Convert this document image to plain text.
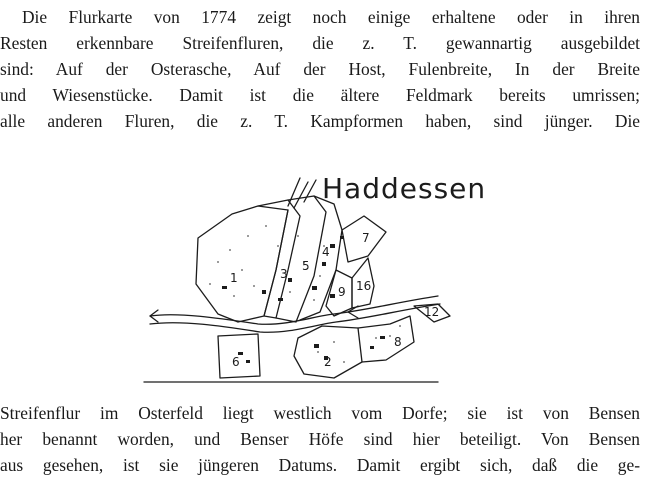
Die Flurkarte von 1774 zeigt noch einige erhaltene oder in ihren
Resten erkennbare Streifenfluren, die z. T. gewannartig ausgebildet
sind: Auf der Osterasche, Auf der Host, Fulenbreite, In der Breite
und Wiesenstücke. Damit ist die ältere Feldmark bereits umrissen;
alle anderen Fluren, die z. T. Kampformen haben, sind jünger. Die
Haddessen
1	3
5
4
7
16
9
12
6	2
8
Streifenflur im Osterfeld liegt westlich vom Dorfe; sie ist von Bensen
her benannt worden, und Benser Höfe sind hier beteiligt. Von Bensen
aus gesehen, ist sie jüngeren Datums. Damit ergibt sich, daß die ge-
